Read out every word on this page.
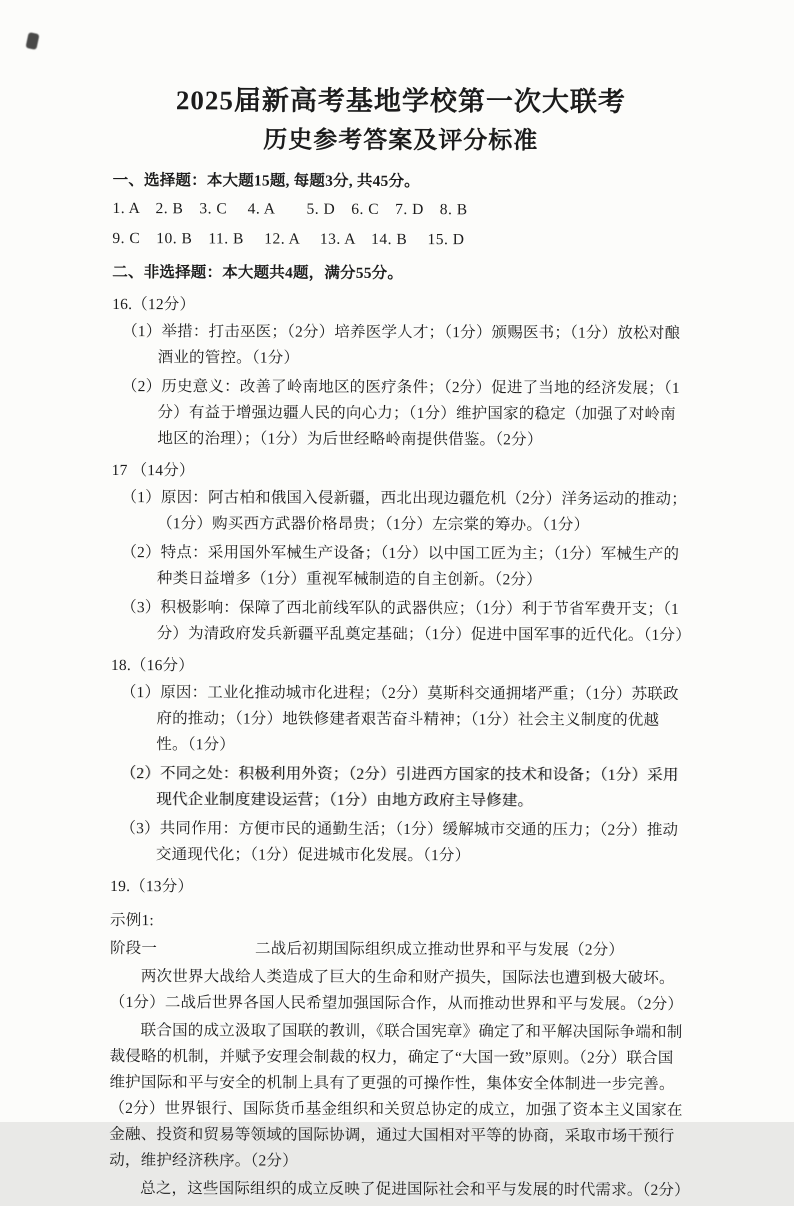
2025届新高考基地学校第一次大联考
历史参考答案及评分标准
一、选择题：本大题15题, 每题3分, 共45分。
1. A　2. B　3. C　 4. A　　5. D　6. C　7. D　8. B
9. C　10. B　11. B　 12. A　 13. A　14. B　 15. D
二、非选择题：本大题共4题，满分55分。
16.（12分）
（1）举措：打击巫医；（2分）培养医学人才；（1分）颁赐医书；（1分）放松对酿酒业的管控。（1分）
（2）历史意义：改善了岭南地区的医疗条件；（2分）促进了当地的经济发展；（1分）有益于增强边疆人民的向心力；（1分）维护国家的稳定（加强了对岭南地区的治理）；（1分）为后世经略岭南提供借鉴。（2分）
17 （14分）
（1）原因：阿古柏和俄国入侵新疆，西北出现边疆危机（2分）洋务运动的推动；（1分）购买西方武器价格昂贵；（1分）左宗棠的筹办。（1分）
（2）特点：采用国外军械生产设备；（1分）以中国工匠为主；（1分）军械生产的种类日益增多（1分）重视军械制造的自主创新。（2分）
（3）积极影响：保障了西北前线军队的武器供应；（1分）利于节省军费开支；（1分）为清政府发兵新疆平乱奠定基础；（1分）促进中国军事的近代化。（1分）
18.（16分）
（1）原因：工业化推动城市化进程；（2分）莫斯科交通拥堵严重；（1分）苏联政府的推动；（1分）地铁修建者艰苦奋斗精神；（1分）社会主义制度的优越性。（1分）
（2）不同之处：积极利用外资；（2分）引进西方国家的技术和设备；（1分）采用现代企业制度建设运营；（1分）由地方政府主导修建。
（3）共同作用：方便市民的通勤生活；（1分）缓解城市交通的压力；（2分）推动交通现代化；（1分）促进城市化发展。（1分）
19.（13分）
示例1:
阶段一	二战后初期国际组织成立推动世界和平与发展（2分）

两次世界大战给人类造成了巨大的生命和财产损失，国际法也遭到极大破坏。（1分）二战后世界各国人民希望加强国际合作，从而推动世界和平与发展。（2分）

联合国的成立汲取了国联的教训，《联合国宪章》确定了和平解决国际争端和制裁侵略的机制，并赋予安理会制裁的权力，确定了“大国一致”原则。（2分）联合国维护国际和平与安全的机制上具有了更强的可操作性，集体安全体制进一步完善。（2分）世界银行、国际货币基金组织和关贸总协定的成立，加强了资本主义国家在金融、投资和贸易等领域的国际协调，通过大国相对平等的协商，采取市场干预行动，维护经济秩序。（2分）

总之，这些国际组织的成立反映了促进国际社会和平与发展的时代需求。（2分）
